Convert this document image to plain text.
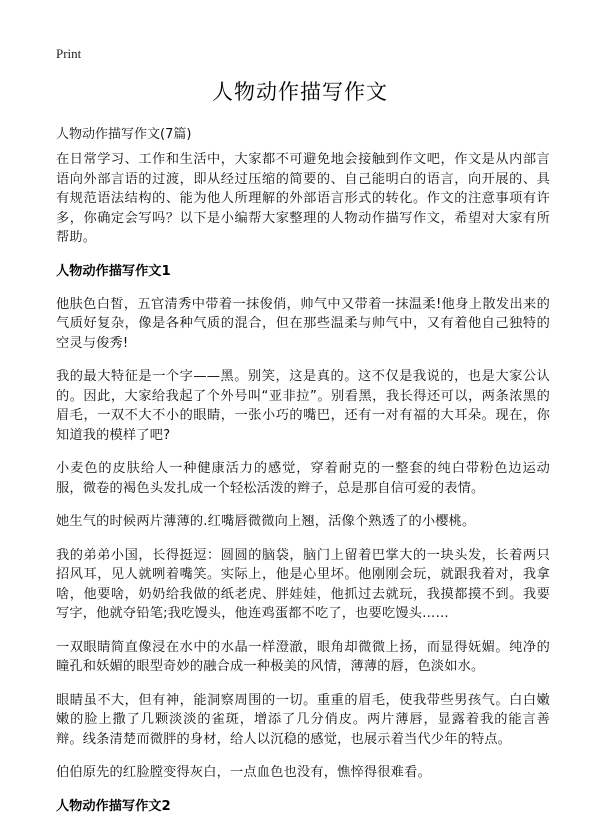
Print
人物动作描写作文

人物动作描写作文(7篇)

在日常学习、工作和生活中，大家都不可避免地会接触到作文吧，作文是从内部言语向外部言语的过渡，即从经过压缩的简要的、自己能明白的语言，向开展的、具有规范语法结构的、能为他人所理解的外部语言形式的转化。作文的注意事项有许多，你确定会写吗？以下是小编帮大家整理的人物动作描写作文，希望对大家有所帮助。

人物动作描写作文1

他肤色白皙，五官清秀中带着一抹俊俏，帅气中又带着一抹温柔!他身上散发出来的气质好复杂，像是各种气质的混合，但在那些温柔与帅气中，又有着他自己独特的空灵与俊秀!

我的最大特征是一个字——黑。别笑，这是真的。这不仅是我说的，也是大家公认的。因此，大家给我起了个外号叫“亚非拉”。别看黑，我长得还可以，两条浓黑的眉毛，一双不大不小的眼睛，一张小巧的嘴巴，还有一对有福的大耳朵。现在，你知道我的模样了吧?

小麦色的皮肤给人一种健康活力的感觉，穿着耐克的一整套的纯白带粉色边运动服，微卷的褐色头发扎成一个轻松活泼的辫子，总是那自信可爱的表情。

她生气的时候两片薄薄的.红嘴唇微微向上翘，活像个熟透了的小樱桃。

我的弟弟小国，长得挺逗：圆圆的脑袋，脑门上留着巴掌大的一块头发，长着两只招风耳，见人就咧着嘴笑。实际上，他是心里坏。他刚刚会玩，就跟我着对，我拿啥，他要啥，奶奶给我做的纸老虎、胖娃娃，他抓过去就玩，我摸都摸不到。我要写字，他就夺铅笔;我吃馒头，他连鸡蛋都不吃了，也要吃馒头……

一双眼睛简直像浸在水中的水晶一样澄澈，眼角却微微上扬，而显得妩媚。纯净的瞳孔和妖媚的眼型奇妙的融合成一种极美的风情，薄薄的唇，色淡如水。

眼睛虽不大，但有神，能洞察周围的一切。重重的眉毛，使我带些男孩气。白白嫩嫩的脸上撒了几颗淡淡的雀斑，增添了几分俏皮。两片薄唇，显露着我的能言善辩。线条清楚而微胖的身材，给人以沉稳的感觉，也展示着当代少年的特点。

伯伯原先的红脸膛变得灰白，一点血色也没有，憔悴得很难看。

人物动作描写作文2
